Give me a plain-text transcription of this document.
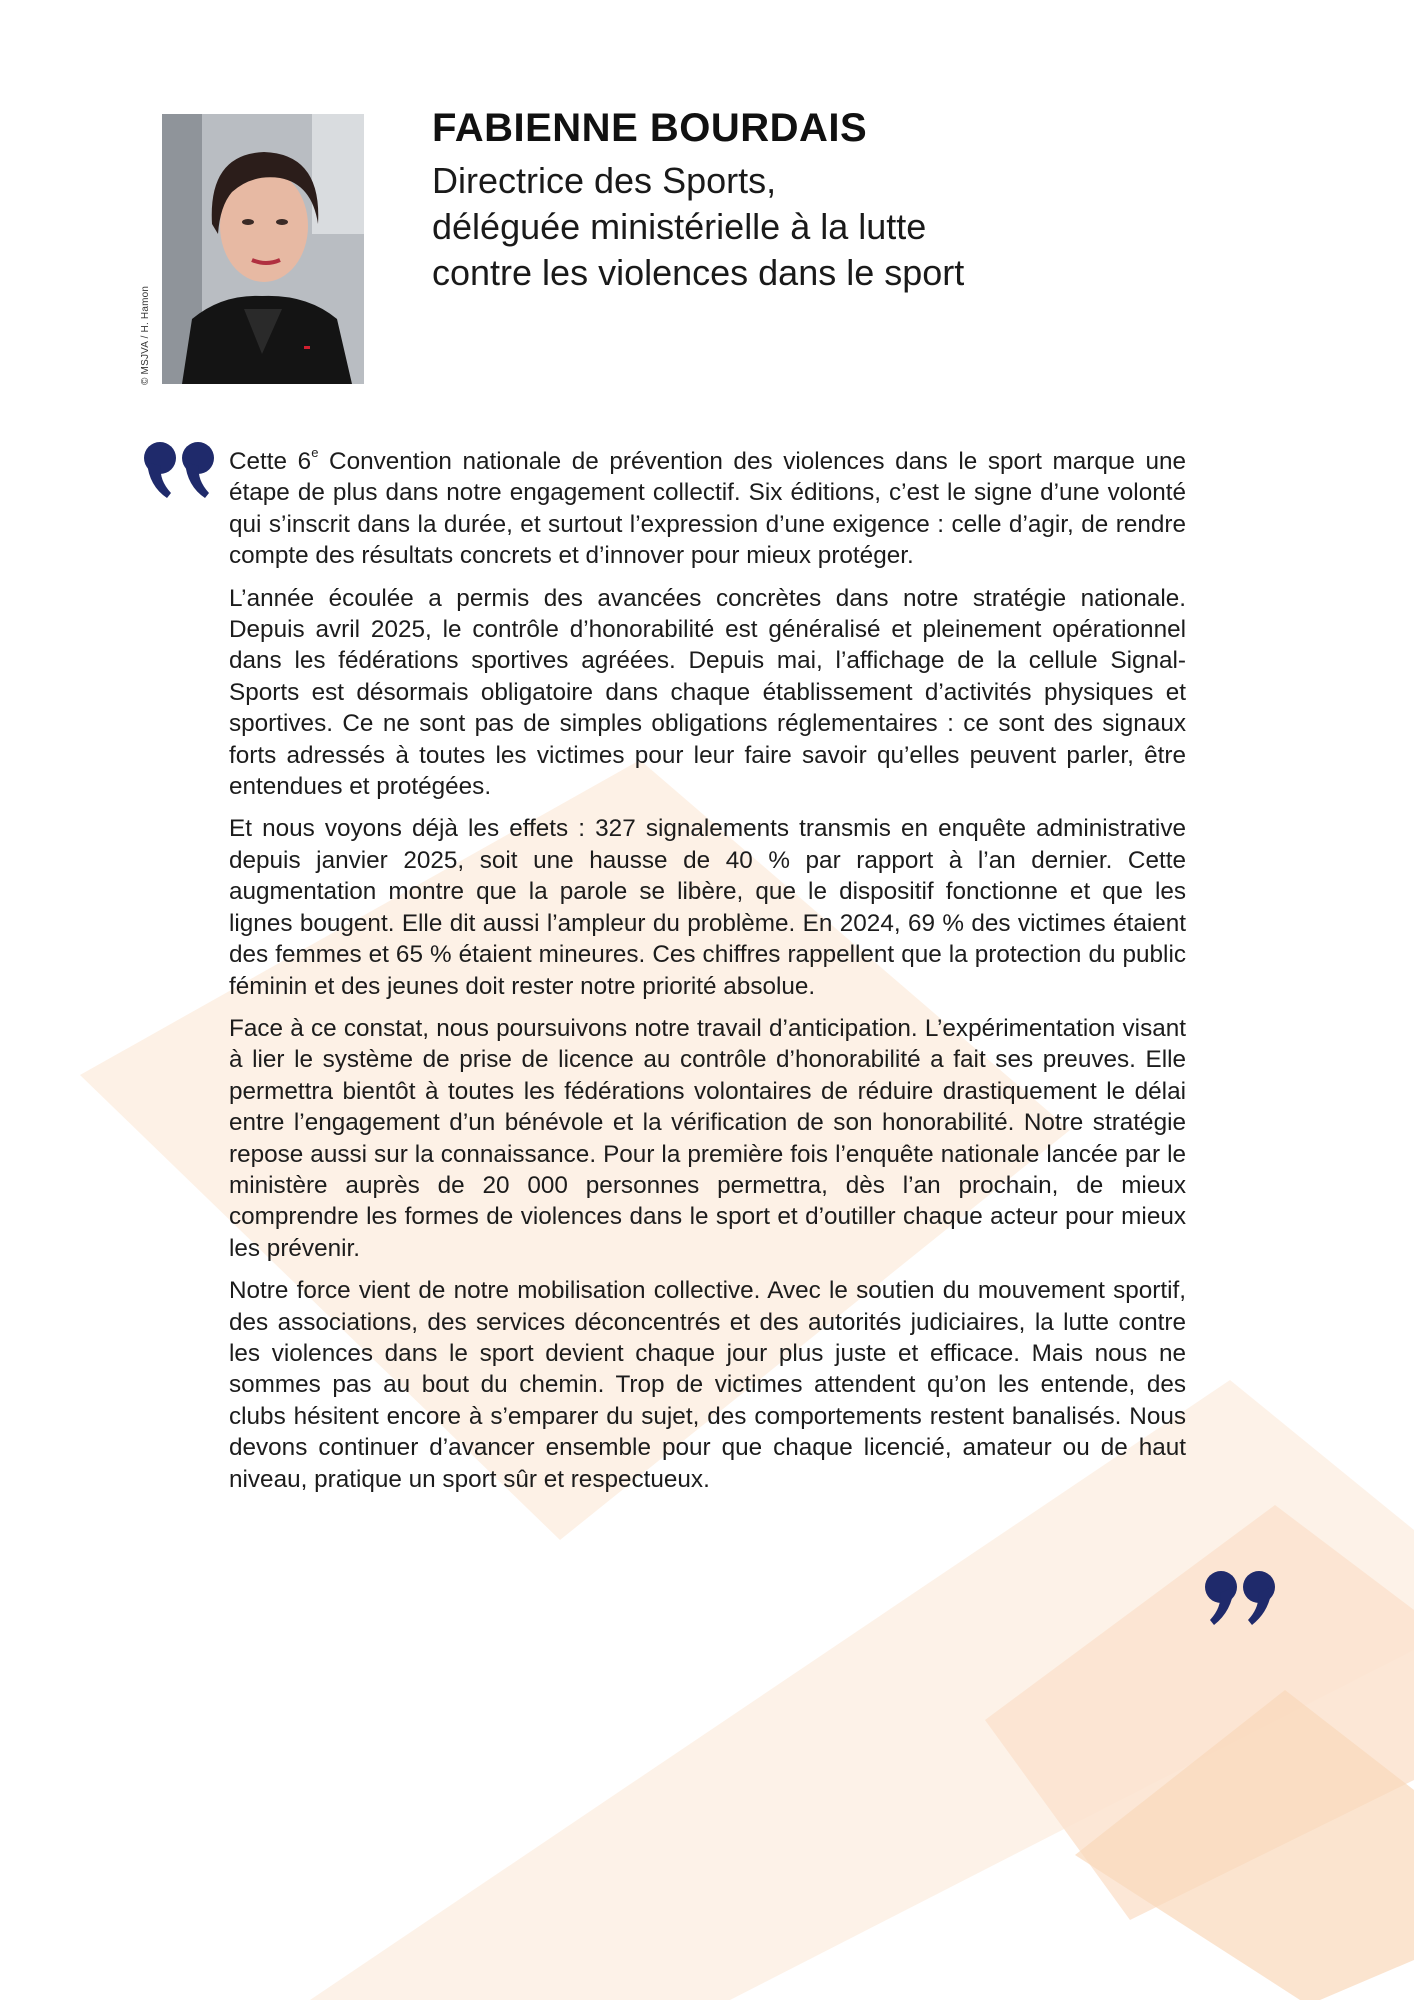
© MSJVA / H. Hamon
FABIENNE BOURDAIS
Directrice des Sports,
déléguée ministérielle à la lutte
contre les violences dans le sport

Cette 6e Convention nationale de prévention des violences dans le sport marque une étape de plus dans notre engagement collectif. Six éditions, c’est le signe d’une volonté qui s’inscrit dans la durée, et surtout l’expression d’une exigence : celle d’agir, de rendre compte des résultats concrets et d’innover pour mieux protéger.

L’année écoulée a permis des avancées concrètes dans notre stratégie nationale. Depuis avril 2025, le contrôle d’honorabilité est généralisé et pleinement opérationnel dans les fédérations sportives agréées. Depuis mai, l’affichage de la cellule Signal-Sports est désormais obligatoire dans chaque établissement d’activités physiques et sportives. Ce ne sont pas de simples obligations réglementaires : ce sont des signaux forts adressés à toutes les victimes pour leur faire savoir qu’elles peuvent parler, être entendues et protégées.

Et nous voyons déjà les effets : 327 signalements transmis en enquête administrative depuis janvier 2025, soit une hausse de 40 % par rapport à l’an dernier. Cette augmentation montre que la parole se libère, que le dispositif fonctionne et que les lignes bougent. Elle dit aussi l’ampleur du problème. En 2024, 69 % des victimes étaient des femmes et 65 % étaient mineures. Ces chiffres rappellent que la protection du public féminin et des jeunes doit rester notre priorité absolue.

Face à ce constat, nous poursuivons notre travail d’anticipation. L’expérimentation visant à lier le système de prise de licence au contrôle d’honorabilité a fait ses preuves. Elle permettra bientôt à toutes les fédérations volontaires de réduire drastiquement le délai entre l’engagement d’un bénévole et la vérification de son honorabilité. Notre stratégie repose aussi sur la connaissance. Pour la première fois l’enquête nationale lancée par le ministère auprès de 20 000 personnes permettra, dès l’an prochain, de mieux comprendre les formes de violences dans le sport et d’outiller chaque acteur pour mieux les prévenir.

Notre force vient de notre mobilisation collective. Avec le soutien du mouvement sportif, des associations, des services déconcentrés et des autorités judiciaires, la lutte contre les violences dans le sport devient chaque jour plus juste et efficace. Mais nous ne sommes pas au bout du chemin. Trop de victimes attendent qu’on les entende, des clubs hésitent encore à s’emparer du sujet, des comportements restent banalisés. Nous devons continuer d’avancer ensemble pour que chaque licencié, amateur ou de haut niveau, pratique un sport sûr et respectueux.
